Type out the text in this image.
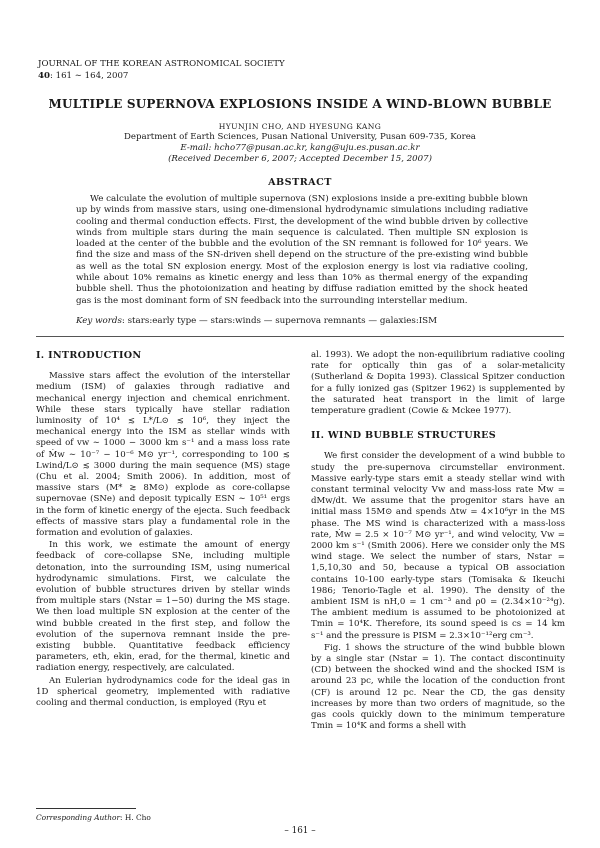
JOURNAL OF THE KOREAN ASTRONOMICAL SOCIETY
40: 161 ∼ 164, 2007
MULTIPLE SUPERNOVA EXPLOSIONS INSIDE A WIND-BLOWN BUBBLE
HYUNJIN CHO, AND HYESUNG KANG
Department of Earth Sciences, Pusan National University, Pusan 609-735, Korea
E-mail: hcho77@pusan.ac.kr, kang@uju.es.pusan.ac.kr
(Received December 6, 2007; Accepted December 15, 2007)
ABSTRACT
We calculate the evolution of multiple supernova (SN) explosions inside a pre-exiting bubble blown up by winds from massive stars, using one-dimensional hydrodynamic simulations including radiative cooling and thermal conduction effects. First, the development of the wind bubble driven by collective winds from multiple stars during the main sequence is calculated. Then multiple SN explosion is loaded at the center of the bubble and the evolution of the SN remnant is followed for 10⁶ years. We find the size and mass of the SN-driven shell depend on the structure of the pre-existing wind bubble as well as the total SN explosion energy. Most of the explosion energy is lost via radiative cooling, while about 10% remains as kinetic energy and less than 10% as thermal energy of the expanding bubble shell. Thus the photoionization and heating by diffuse radiation emitted by the shock heated gas is the most dominant form of SN feedback into the surrounding interstellar medium.
Key words: stars:early type — stars:winds — supernova remnants — galaxies:ISM
I. INTRODUCTION

Massive stars affect the evolution of the interstellar medium (ISM) of galaxies through radiative and mechanical energy injection and chemical enrichment. While these stars typically have stellar radiation luminosity of 10⁴ ≲ L*/L⊙ ≲ 10⁶, they inject the mechanical energy into the ISM as stellar winds with speed of vw ∼ 1000 − 3000 km s⁻¹ and a mass loss rate of Ṁw ∼ 10⁻⁷ − 10⁻⁶ M⊙ yr⁻¹, corresponding to 100 ≲ Lwind/L⊙ ≲ 3000 during the main sequence (MS) stage (Chu et al. 2004; Smith 2006). In addition, most of massive stars (M* ≳ 8M⊙) explode as core-collapse supernovae (SNe) and deposit typically ESN ∼ 10⁵¹ ergs in the form of kinetic energy of the ejecta. Such feedback effects of massive stars play a fundamental role in the formation and evolution of galaxies.

In this work, we estimate the amount of energy feedback of core-collapse SNe, including multiple detonation, into the surrounding ISM, using numerical hydrodynamic simulations. First, we calculate the evolution of bubble structures driven by stellar winds from multiple stars (Nstar = 1−50) during the MS stage. We then load multiple SN explosion at the center of the wind bubble created in the first step, and follow the evolution of the supernova remnant inside the pre-existing bubble. Quantitative feedback efficiency parameters, eth, ekin, erad, for the thermal, kinetic and radiation energy, respectively, are calculated.

An Eulerian hydrodynamics code for the ideal gas in 1D spherical geometry, implemented with radiative cooling and thermal conduction, is employed (Ryu et

al. 1993). We adopt the non-equilibrium radiative cooling rate for optically thin gas of a solar-metalicity (Sutherland & Dopita 1993). Classical Spitzer conduction for a fully ionized gas (Spitzer 1962) is supplemented by the saturated heat transport in the limit of large temperature gradient (Cowie & Mckee 1977).

II. WIND BUBBLE STRUCTURES

We first consider the development of a wind bubble to study the pre-supernova circumstellar environment. Massive early-type stars emit a steady stellar wind with constant terminal velocity Vw and mass-loss rate Ṁw = dMw/dt. We assume that the progenitor stars have an initial mass 15M⊙ and spends Δtw = 4×10⁶yr in the MS phase. The MS wind is characterized with a mass-loss rate, Ṁw = 2.5 × 10⁻⁷ M⊙ yr⁻¹, and wind velocity, Vw = 2000 km s⁻¹ (Smith 2006). Here we consider only the MS wind stage. We select the number of stars, Nstar = 1,5,10,30 and 50, because a typical OB association contains 10-100 early-type stars (Tomisaka & Ikeuchi 1986; Tenorio-Tagle et al. 1990). The density of the ambient ISM is nH,0 = 1 cm⁻³ and ρ0 = (2.34×10⁻²⁴g). The ambient medium is assumed to be photoionized at Tmin = 10⁴K. Therefore, its sound speed is cs = 14 km s⁻¹ and the pressure is PISM = 2.3×10⁻¹²erg cm⁻³.

Fig. 1 shows the structure of the wind bubble blown by a single star (Nstar = 1). The contact discontinuity (CD) between the shocked wind and the shocked ISM is around 23 pc, while the location of the conduction front (CF) is around 12 pc. Near the CD, the gas density increases by more than two orders of magnitude, so the gas cools quickly down to the minimum temperature Tmin = 10⁴K and forms a shell with

Corresponding Author: H. Cho
– 161 –
